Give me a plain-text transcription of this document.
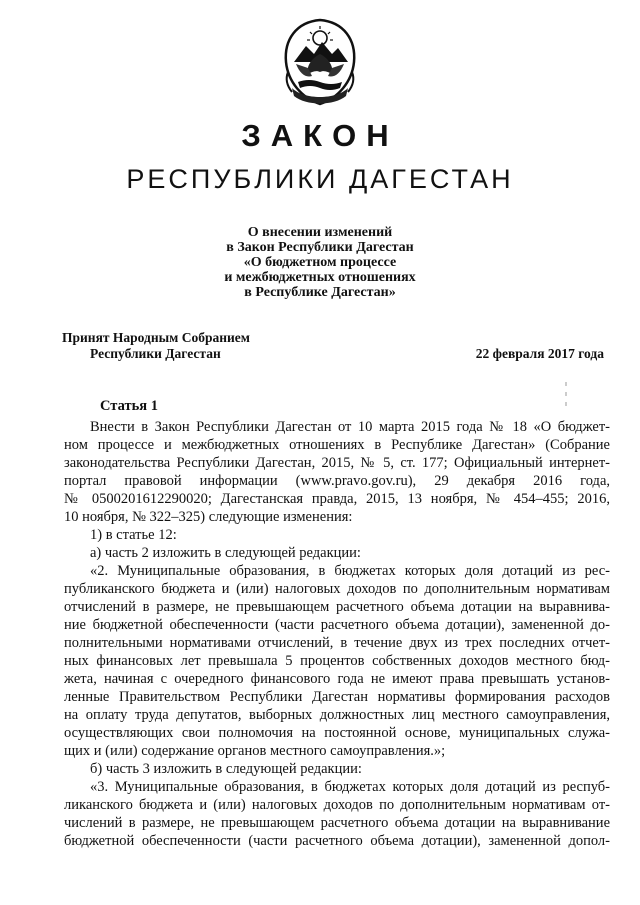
ЗАКОН
РЕСПУБЛИКИ ДАГЕСТАН
О внесении изменений
в Закон Республики Дагестан
«О бюджетном процессе
и межбюджетных отношениях
в Республике Дагестан»
Принят Народным Собранием
Республики Дагестан	22 февраля 2017 года
Статья 1
Внести в Закон Республики Дагестан от 10 марта 2015 года № 18 «О бюджет-
ном процессе и межбюджетных отношениях в Республике Дагестан» (Собрание
законодательства Республики Дагестан, 2015, № 5, ст. 177; Официальный интернет-
портал правовой информации (www.pravo.gov.ru), 29 декабря 2016 года,
№ 0500201612290020; Дагестанская правда, 2015, 13 ноября, № 454–455; 2016,
10 ноября, № 322–325) следующие изменения:
1) в статье 12:
а) часть 2 изложить в следующей редакции:
«2. Муниципальные образования, в бюджетах которых доля дотаций из рес-
публиканского бюджета и (или) налоговых доходов по дополнительным нормативам
отчислений в размере, не превышающем расчетного объема дотации на выравнива-
ние бюджетной обеспеченности (части расчетного объема дотации), замененной до-
полнительными нормативами отчислений, в течение двух из трех последних отчет-
ных финансовых лет превышала 5 процентов собственных доходов местного бюд-
жета, начиная с очередного финансового года не имеют права превышать установ-
ленные Правительством Республики Дагестан нормативы формирования расходов
на оплату труда депутатов, выборных должностных лиц местного самоуправления,
осуществляющих свои полномочия на постоянной основе, муниципальных служа-
щих и (или) содержание органов местного самоуправления.»;
б) часть 3 изложить в следующей редакции:
«3. Муниципальные образования, в бюджетах которых доля дотаций из респуб-
ликанского бюджета и (или) налоговых доходов по дополнительным нормативам от-
числений в размере, не превышающем расчетного объема дотации на выравнивание
бюджетной обеспеченности (части расчетного объема дотации), замененной допол-
